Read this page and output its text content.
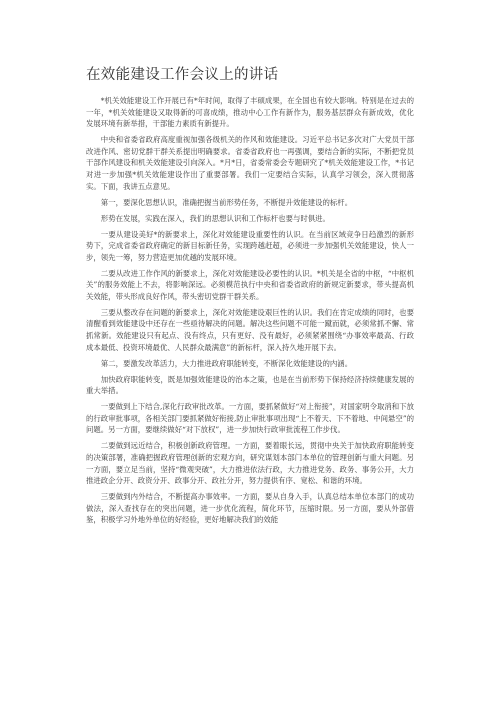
在效能建设工作会议上的讲话

*机关效能建设工作开展已有*年时间，取得了丰硕成果，在全国也有较大影响。特别是在过去的一年，*机关效能建设又取得新的可喜成绩，推动中心工作有新作为，服务基层群众有新成效，优化发展环境有新举措，干部能力素质有新提升。

中央和省委省政府高度重视加强各级机关的作风和效能建设。习近平总书记多次对广大党员干部改进作风、密切党群干群关系提出明确要求。省委省政府也一再强调，要结合新的实际，不断把党员干部作风建设和机关效能建设引向深入。*月*日，省委常委会专题研究了*机关效能建设工作，*书记对进一步加强*机关效能建设作出了重要部署。我们一定要结合实际，认真学习领会，深入贯彻落实。下面，我讲五点意见。

第一，要深化思想认识，准确把握当前形势任务，不断提升效能建设的标杆。

形势在发展，实践在深入，我们的思想认识和工作标杆也要与时俱进。

一要从建设美好*的新要求上，深化对效能建设重要性的认识。在当前区域竞争日趋激烈的新形势下，完成省委省政府确定的新目标新任务，实现跨越赶超，必须进一步加强机关效能建设，快人一步，领先一筹，努力营造更加优越的发展环境。

二要从改进工作作风的新要求上，深化对效能建设必要性的认识。*机关是全省的中枢，“中枢机关”的服务效能上不去，将影响深远。必须模范执行中央和省委省政府的新规定新要求，带头提高机关效能，带头形成良好作风，带头密切党群干群关系。

三要从整改存在问题的新要求上，深化对效能建设艰巨性的认识。我们在肯定成绩的同时，也要清醒看到效能建设中还存在一些亟待解决的问题。解决这些问题不可能一蹴而就，必须常抓不懈、常抓常新。效能建设只有起点、没有终点，只有更好、没有最好，必须紧紧围绕“办事效率最高、行政成本最低、投资环境最优、人民群众最满意”的新标杆，深入持久地开展下去。

第二，要激发改革活力，大力推进政府职能转变，不断深化效能建设的内涵。

加快政府职能转变，既是加强效能建设的治本之策，也是在当前形势下保持经济持续健康发展的重大举措。

一要做到上下结合,深化行政审批改革。一方面，要抓紧做好“对上衔接”，对国家明令取消和下放的行政审批事项，各相关部门要抓紧做好衔接,防止审批事项出现“上不着天、下不着地、中间悬空”的问题。另一方面，要继续做好“对下放权”，进一步加快行政审批流程工作步伐。

二要做到远近结合，积极创新政府管理。一方面，要着眼长远，贯彻中央关于加快政府职能转变的决策部署，准确把握政府管理创新的宏观方向，研究谋划本部门本单位的管理创新与重大问题。另一方面，要立足当前，坚持“微观突破”，大力推进依法行政，大力推进党务、政务、事务公开，大力推进政企分开、政资分开、政事分开、政社分开，努力提供有序、宽松、和谐的环境。

三要做到内外结合，不断提高办事效率。一方面，要从自身入手，认真总结本单位本部门的成功做法，深入查找存在的突出问题，进一步优化流程，简化环节，压缩时限。另一方面，要从外部借鉴，积极学习外地外单位的好经验，更好地解决我们的效能
